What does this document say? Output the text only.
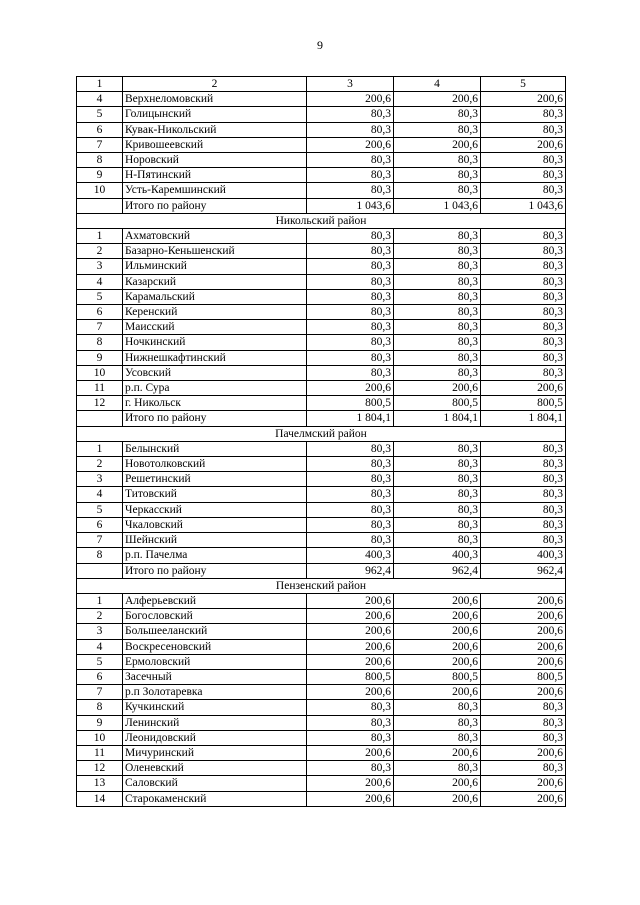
9
1	2	3	4	5
4	Верхнеломовский	200,6	200,6	200,6
5	Голицынский	80,3	80,3	80,3
6	Кувак-Никольский	80,3	80,3	80,3
7	Кривошеевский	200,6	200,6	200,6
8	Норовский	80,3	80,3	80,3
9	Н-Пятинский	80,3	80,3	80,3
10	Усть-Каремшинский	80,3	80,3	80,3
	Итого по району	1 043,6	1 043,6	1 043,6
Никольский район				
1	Ахматовский	80,3	80,3	80,3
2	Базарно-Кеньшенский	80,3	80,3	80,3
3	Ильминский	80,3	80,3	80,3
4	Казарский	80,3	80,3	80,3
5	Карамальский	80,3	80,3	80,3
6	Керенский	80,3	80,3	80,3
7	Маисский	80,3	80,3	80,3
8	Ночкинский	80,3	80,3	80,3
9	Нижнешкафтинский	80,3	80,3	80,3
10	Усовский	80,3	80,3	80,3
11	р.п. Сура	200,6	200,6	200,6
12	г. Никольск	800,5	800,5	800,5
	Итого по району	1 804,1	1 804,1	1 804,1
Пачелмский район				
1	Белынский	80,3	80,3	80,3
2	Новотолковский	80,3	80,3	80,3
3	Решетинский	80,3	80,3	80,3
4	Титовский	80,3	80,3	80,3
5	Черкасский	80,3	80,3	80,3
6	Чкаловский	80,3	80,3	80,3
7	Шейнский	80,3	80,3	80,3
8	р.п. Пачелма	400,3	400,3	400,3
	Итого по району	962,4	962,4	962,4
Пензенский район				
1	Алферьевский	200,6	200,6	200,6
2	Богословский	200,6	200,6	200,6
3	Большееланский	200,6	200,6	200,6
4	Воскресеновский	200,6	200,6	200,6
5	Ермоловский	200,6	200,6	200,6
6	Засечный	800,5	800,5	800,5
7	р.п Золотаревка	200,6	200,6	200,6
8	Кучкинский	80,3	80,3	80,3
9	Ленинский	80,3	80,3	80,3
10	Леонидовский	80,3	80,3	80,3
11	Мичуринский	200,6	200,6	200,6
12	Оленевский	80,3	80,3	80,3
13	Саловский	200,6	200,6	200,6
14	Старокаменский	200,6	200,6	200,6
